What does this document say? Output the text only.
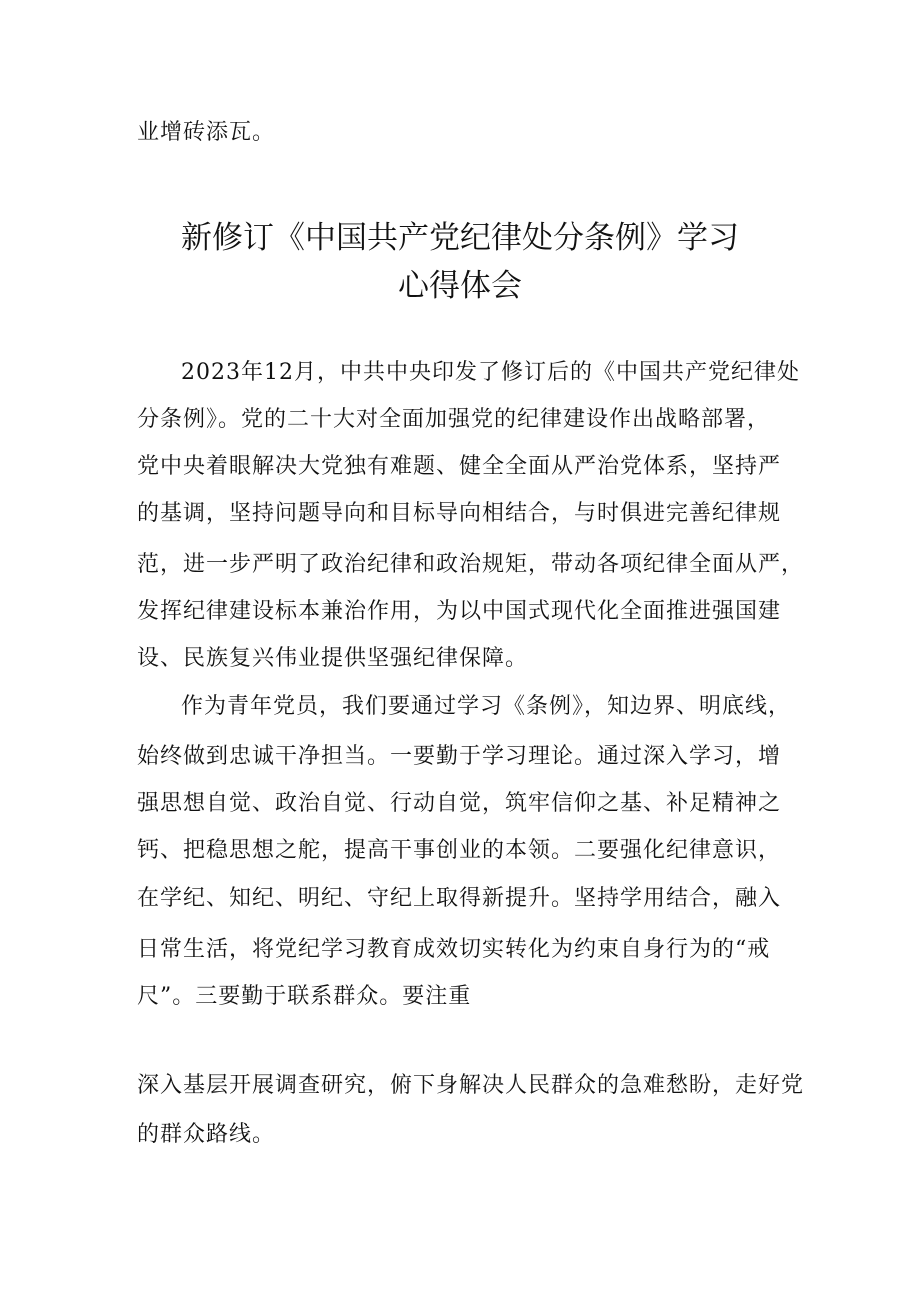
业增砖添瓦。
新修订《中国共产党纪律处分条例》学习
心得体会
2023年12月，中共中央印发了修订后的《中国共产党纪律处
分条例》。党的二十大对全面加强党的纪律建设作出战略部署，
党中央着眼解决大党独有难题、健全全面从严治党体系，坚持严
的基调，坚持问题导向和目标导向相结合，与时俱进完善纪律规
范，进一步严明了政治纪律和政治规矩，带动各项纪律全面从严，
发挥纪律建设标本兼治作用，为以中国式现代化全面推进强国建
设、民族复兴伟业提供坚强纪律保障。
作为青年党员，我们要通过学习《条例》，知边界、明底线，
始终做到忠诚干净担当。一要勤于学习理论。通过深入学习，增
强思想自觉、政治自觉、行动自觉，筑牢信仰之基、补足精神之
钙、把稳思想之舵，提高干事创业的本领。二要强化纪律意识，
在学纪、知纪、明纪、守纪上取得新提升。坚持学用结合，融入
日常生活，将党纪学习教育成效切实转化为约束自身行为的“戒
尺”。三要勤于联系群众。要注重
深入基层开展调查研究，俯下身解决人民群众的急难愁盼，走好党
的群众路线。
